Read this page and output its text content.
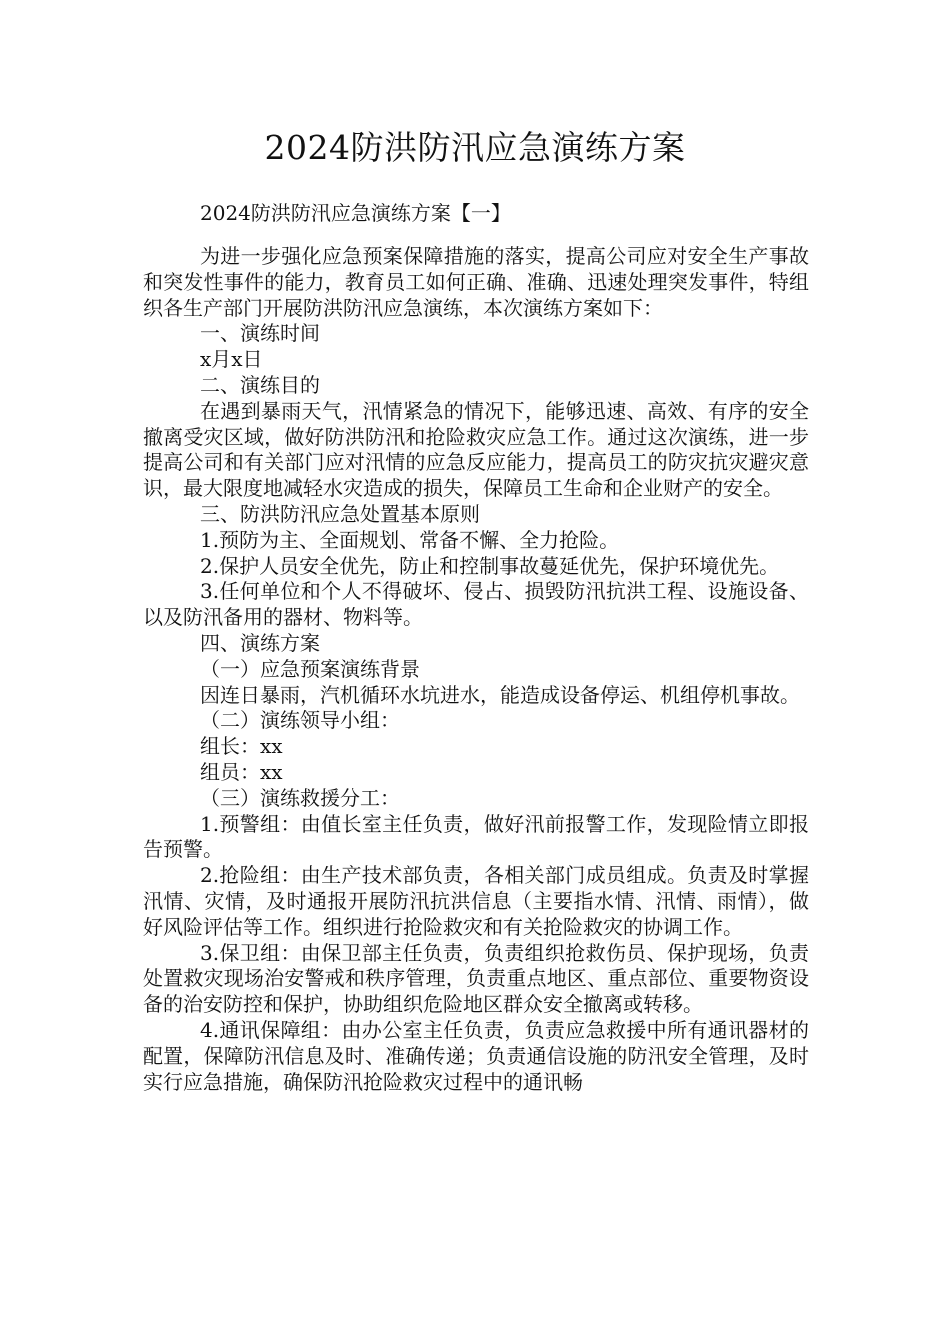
2024防洪防汛应急演练方案
2024防洪防汛应急演练方案【一】

为进一步强化应急预案保障措施的落实，提高公司应对安全生产事故和突发性事件的能力，教育员工如何正确、准确、迅速处理突发事件，特组织各生产部门开展防洪防汛应急演练，本次演练方案如下：

一、演练时间

x月x日

二、演练目的

在遇到暴雨天气，汛情紧急的情况下，能够迅速、高效、有序的安全撤离受灾区域，做好防洪防汛和抢险救灾应急工作。通过这次演练，进一步提高公司和有关部门应对汛情的应急反应能力，提高员工的防灾抗灾避灾意识，最大限度地减轻水灾造成的损失，保障员工生命和企业财产的安全。

三、防洪防汛应急处置基本原则

1.预防为主、全面规划、常备不懈、全力抢险。

2.保护人员安全优先，防止和控制事故蔓延优先，保护环境优先。

3.任何单位和个人不得破坏、侵占、损毁防汛抗洪工程、设施设备、以及防汛备用的器材、物料等。

四、演练方案

（一）应急预案演练背景

因连日暴雨，汽机循环水坑进水，能造成设备停运、机组停机事故。

（二）演练领导小组：

组长：xx

组员：xx

（三）演练救援分工：

1.预警组：由值长室主任负责，做好汛前报警工作，发现险情立即报告预警。

2.抢险组：由生产技术部负责，各相关部门成员组成。负责及时掌握汛情、灾情，及时通报开展防汛抗洪信息（主要指水情、汛情、雨情），做好风险评估等工作。组织进行抢险救灾和有关抢险救灾的协调工作。

3.保卫组：由保卫部主任负责，负责组织抢救伤员、保护现场，负责处置救灾现场治安警戒和秩序管理，负责重点地区、重点部位、重要物资设备的治安防控和保护，协助组织危险地区群众安全撤离或转移。

4.通讯保障组：由办公室主任负责，负责应急救援中所有通讯器材的配置，保障防汛信息及时、准确传递；负责通信设施的防汛安全管理，及时实行应急措施，确保防汛抢险救灾过程中的通讯畅
